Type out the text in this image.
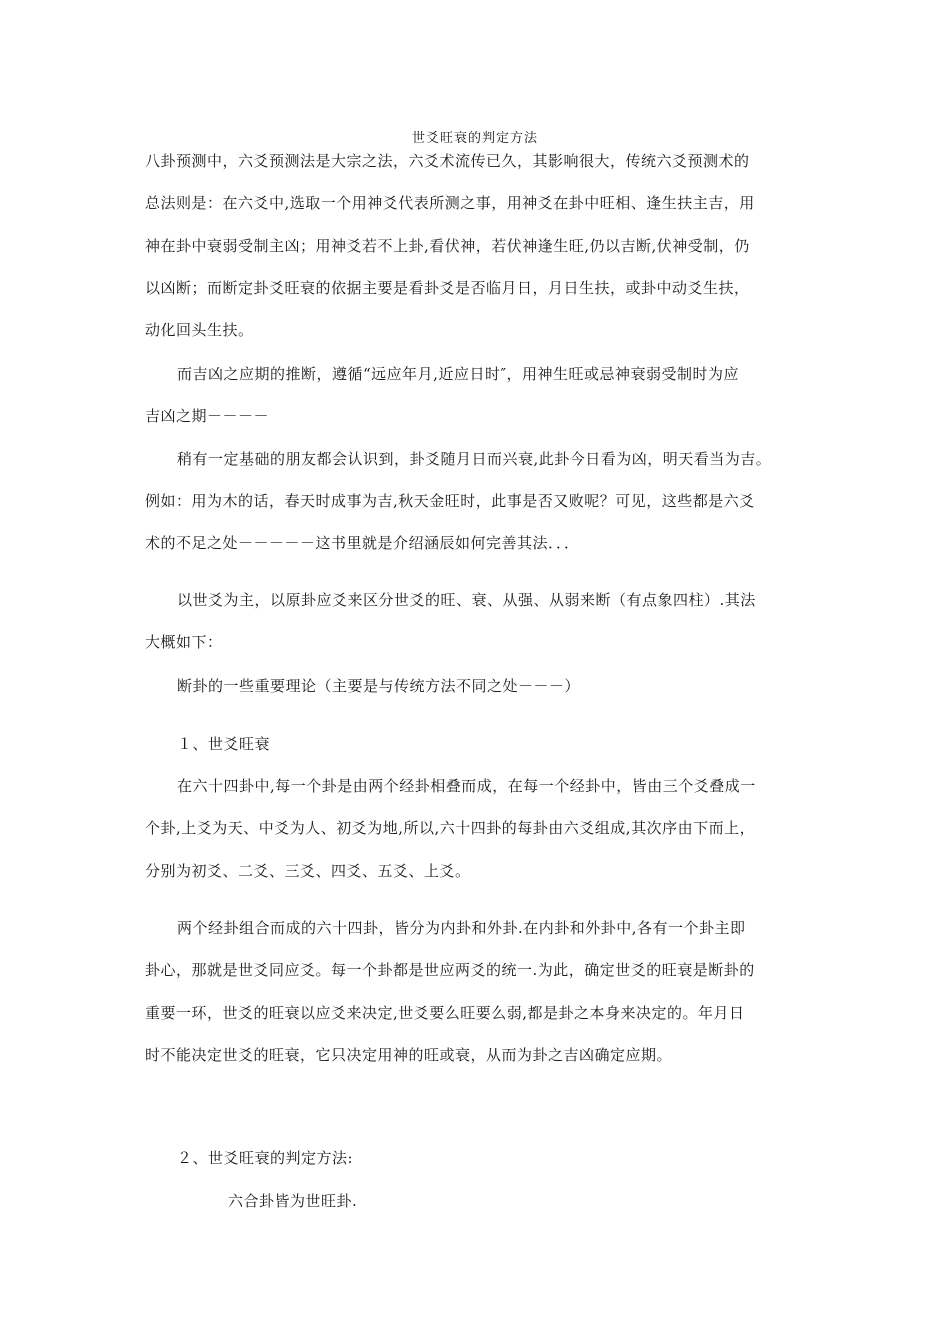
世爻旺衰的判定方法
八卦预测中，六爻预测法是大宗之法，六爻术流传已久，其影响很大，传统六爻预测术的
总法则是：在六爻中,选取一个用神爻代表所测之事，用神爻在卦中旺相、逢生扶主吉，用
神在卦中衰弱受制主凶；用神爻若不上卦,看伏神，若伏神逢生旺,仍以吉断,伏神受制，仍
以凶断；而断定卦爻旺衰的依据主要是看卦爻是否临月日，月日生扶，或卦中动爻生扶，
动化回头生扶。
而吉凶之应期的推断，遵循“远应年月,近应日时″，用神生旺或忌神衰弱受制时为应
吉凶之期－－－－
稍有一定基础的朋友都会认识到，卦爻随月日而兴衰,此卦今日看为凶，明天看当为吉。
例如：用为木的话，春天时成事为吉,秋天金旺时，此事是否又败呢？可见，这些都是六爻
术的不足之处－－－－－这书里就是介绍涵辰如何完善其法．．．
以世爻为主，以原卦应爻来区分世爻的旺、衰、从强、从弱来断（有点象四柱）.其法
大概如下：
断卦的一些重要理论（主要是与传统方法不同之处－－－）
１、世爻旺衰
在六十四卦中,每一个卦是由两个经卦相叠而成，在每一个经卦中，皆由三个爻叠成一
个卦,上爻为天、中爻为人、初爻为地,所以,六十四卦的每卦由六爻组成,其次序由下而上，
分别为初爻、二爻、三爻、四爻、五爻、上爻。
两个经卦组合而成的六十四卦，皆分为内卦和外卦.在内卦和外卦中,各有一个卦主即
卦心，那就是世爻同应爻。每一个卦都是世应两爻的统一.为此，确定世爻的旺衰是断卦的
重要一环，世爻的旺衰以应爻来决定,世爻要么旺要么弱,都是卦之本身来决定的。年月日
时不能决定世爻的旺衰，它只决定用神的旺或衰，从而为卦之吉凶确定应期。
２、世爻旺衰的判定方法:
六合卦皆为世旺卦.
